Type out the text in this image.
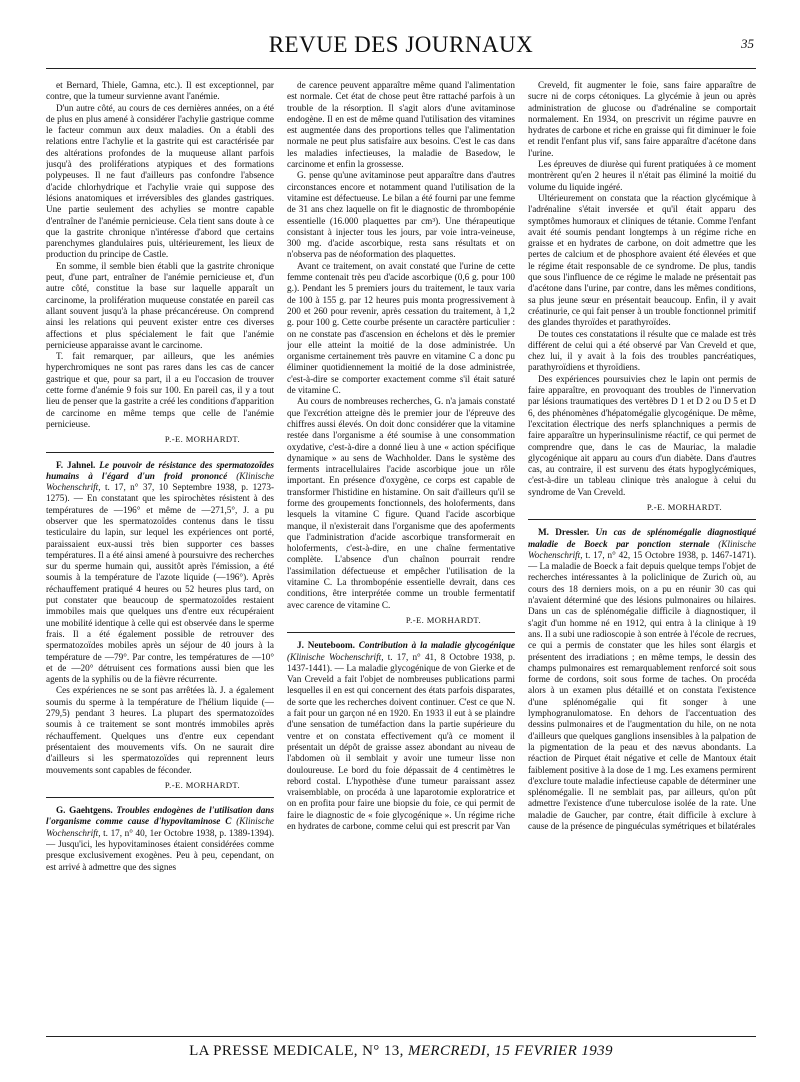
REVUE DES JOURNAUX	35

et Bernard, Thiele, Gamna, etc.). Il est exceptionnel, par contre, que la tumeur survienne avant l'anémie.

D'un autre côté, au cours de ces dernières années, on a été de plus en plus amené à considérer l'achylie gastrique comme le facteur commun aux deux maladies. On a établi des relations entre l'achylie et la gastrite qui est caractérisée par des altérations profondes de la muqueuse allant parfois jusqu'à des proliférations atypiques et des formations polypeuses. Il ne faut d'ailleurs pas confondre l'absence d'acide chlorhydrique et l'achylie vraie qui suppose des lésions anatomiques et irréversibles des glandes gastriques. Une partie seulement des achylies se montre capable d'entraîner de l'anémie pernicieuse. Cela tient sans doute à ce que la gastrite chronique n'intéresse d'abord que certains parenchymes glandulaires puis, ultérieurement, les lieux de production du principe de Castle.

En somme, il semble bien établi que la gastrite chronique peut, d'une part, entraîner de l'anémie pernicieuse et, d'un autre côté, constitue la base sur laquelle apparaît un carcinome, la prolifération muqueuse constatée en pareil cas allant souvent jusqu'à la phase précancéreuse. On comprend ainsi les relations qui peuvent exister entre ces diverses affections et plus spécialement le fait que l'anémie pernicieuse apparaisse avant le carcinome.

T. fait remarquer, par ailleurs, que les anémies hyperchromiques ne sont pas rares dans les cas de cancer gastrique et que, pour sa part, il a eu l'occasion de trouver cette forme d'anémie 9 fois sur 100. En pareil cas, il y a tout lieu de penser que la gastrite a créé les conditions d'apparition de carcinome en même temps que celle de l'anémie pernicieuse.

P.-E. MORHARDT.

F. Jahnel. Le pouvoir de résistance des spermatozoïdes humains à l'égard d'un froid prononcé (Klinische Wochenschrift, t. 17, n° 37, 10 Septembre 1938, p. 1273-1275). — En constatant que les spirochètes résistent à des températures de —196° et même de —271,5°, J. a pu observer que les spermatozoïdes contenus dans le tissu testiculaire du lapin, sur lequel les expériences ont porté, paraissaient eux-aussi très bien supporter ces basses températures. Il a été ainsi amené à poursuivre des recherches sur du sperme humain qui, aussitôt après l'émission, a été soumis à la température de l'azote liquide (—196°). Après réchauffement pratiqué 4 heures ou 52 heures plus tard, on put constater que beaucoup de spermatozoïdes restaient immobiles mais que quelques uns d'entre eux récupéraient une mobilité identique à celle qui est observée dans le sperme frais. Il a été également possible de retrouver des spermatozoïdes mobiles après un séjour de 40 jours à la température de —79°. Par contre, les températures de —10° et de —20° détruisent ces formations aussi bien que les agents de la syphilis ou de la fièvre récurrente.

Ces expériences ne se sont pas arrêtées là. J. a également soumis du sperme à la température de l'hélium liquide (—279,5) pendant 3 heures. La plupart des spermatozoïdes soumis à ce traitement se sont montrés immobiles après réchauffement. Quelques uns d'entre eux cependant présentaient des mouvements vifs. On ne saurait dire d'ailleurs si les spermatozoïdes qui reprennent leurs mouvements sont capables de féconder.

P.-E. MORHARDT.

G. Gaehtgens. Troubles endogènes de l'utilisation dans l'organisme comme cause d'hypovitaminose C (Klinische Wochenschrift, t. 17, n° 40, 1er Octobre 1938, p. 1389-1394). — Jusqu'ici, les hypovitaminoses étaient considérées comme presque exclusivement exogènes. Peu à peu, cependant, on est arrivé à admettre que des signes

de carence peuvent apparaître même quand l'alimentation est normale. Cet état de chose peut être rattaché parfois à un trouble de la résorption. Il s'agit alors d'une avitaminose endogène. Il en est de même quand l'utilisation des vitamines est augmentée dans des proportions telles que l'alimentation normale ne peut plus satisfaire aux besoins. C'est le cas dans les maladies infectieuses, la maladie de Basedow, le carcinome et enfin la grossesse.

G. pense qu'une avitaminose peut apparaître dans d'autres circonstances encore et notamment quand l'utilisation de la vitamine est défectueuse. Le bilan a été fourni par une femme de 31 ans chez laquelle on fit le diagnostic de thrombopénie essentielle (16.000 plaquettes par cm³). Une thérapeutique consistant à injecter tous les jours, par voie intra-veineuse, 300 mg. d'acide ascorbique, resta sans résultats et on n'observa pas de néoformation des plaquettes.

Avant ce traitement, on avait constaté que l'urine de cette femme contenait très peu d'acide ascorbique (0,6 g. pour 100 g.). Pendant les 5 premiers jours du traitement, le taux varia de 100 à 155 g. par 12 heures puis monta progressivement à 200 et 260 pour revenir, après cessation du traitement, à 1,2 g. pour 100 g. Cette courbe présente un caractère particulier : on ne constate pas d'ascension en échelons et dès le premier jour elle atteint la moitié de la dose administrée. Un organisme certainement très pauvre en vitamine C a donc pu éliminer quotidiennement la moitié de la dose administrée, c'est-à-dire se comporter exactement comme s'il était saturé de vitamine C.

Au cours de nombreuses recherches, G. n'a jamais constaté que l'excrétion atteigne dès le premier jour de l'épreuve des chiffres aussi élevés. On doit donc considérer que la vitamine restée dans l'organisme a été soumise à une consommation oxydative, c'est-à-dire a donné lieu à une « action spécifique dynamique » au sens de Wachholder. Dans le système des ferments intracellulaires l'acide ascorbique joue un rôle important. En présence d'oxygène, ce corps est capable de transformer l'histidine en histamine. On sait d'ailleurs qu'il se forme des groupements fonctionnels, des holoferments, dans lesquels la vitamine C figure. Quand l'acide ascorbique manque, il n'existerait dans l'organisme que des apoferments que l'administration d'acide ascorbique transformerait en holoferments, c'est-à-dire, en une chaîne fermentative complète. L'absence d'un chaînon pourrait rendre l'assimilation défectueuse et empêcher l'utilisation de la vitamine C. La thrombopénie essentielle devrait, dans ces conditions, être interprétée comme un trouble fermentatif avec carence de vitamine C.

P.-E. MORHARDT.

J. Neuteboom. Contribution à la maladie glycogénique (Klinische Wochenschrift, t. 17, n° 41, 8 Octobre 1938, p. 1437-1441). — La maladie glycogénique de von Gierke et de Van Creveld a fait l'objet de nombreuses publications parmi lesquelles il en est qui concernent des états parfois disparates, de sorte que les recherches doivent continuer. C'est ce que N. a fait pour un garçon né en 1920. En 1933 il eut à se plaindre d'une sensation de tuméfaction dans la partie supérieure du ventre et on constata effectivement qu'à ce moment il présentait un dépôt de graisse assez abondant au niveau de l'abdomen où il semblait y avoir une tumeur lisse non douloureuse. Le bord du foie dépassait de 4 centimètres le rebord costal. L'hypothèse d'une tumeur paraissant assez vraisemblable, on procéda à une laparotomie exploratrice et on en profita pour faire une biopsie du foie, ce qui permit de faire le diagnostic de « foie glycogénique ». Un régime riche en hydrates de carbone, comme celui qui est prescrit par Van

Creveld, fit augmenter le foie, sans faire apparaître de sucre ni de corps cétoniques. La glycémie à jeun ou après administration de glucose ou d'adrénaline se comportait normalement. En 1934, on prescrivit un régime pauvre en hydrates de carbone et riche en graisse qui fit diminuer le foie et rendit l'enfant plus vif, sans faire apparaître d'acétone dans l'urine.

Les épreuves de diurèse qui furent pratiquées à ce moment montrèrent qu'en 2 heures il n'était pas éliminé la moitié du volume du liquide ingéré.

Ultérieurement on constata que la réaction glycémique à l'adrénaline s'était inversée et qu'il était apparu des symptômes humoraux et cliniques de tétanie. Comme l'enfant avait été soumis pendant longtemps à un régime riche en graisse et en hydrates de carbone, on doit admettre que les pertes de calcium et de phosphore avaient été élevées et que le régime était responsable de ce syndrome. De plus, tandis que sous l'influence de ce régime le malade ne présentait pas d'acétone dans l'urine, par contre, dans les mêmes conditions, sa plus jeune sœur en présentait beaucoup. Enfin, il y avait créatinurie, ce qui fait penser à un trouble fonctionnel primitif des glandes thyroïdes et parathyroïdes.

De toutes ces constatations il résulte que ce malade est très différent de celui qui a été observé par Van Creveld et que, chez lui, il y avait à la fois des troubles pancréatiques, parathyroïdiens et thyroïdiens.

Des expériences poursuivies chez le lapin ont permis de faire apparaître, en provoquant des troubles de l'innervation par lésions traumatiques des vertèbres D 1 et D 2 ou D 5 et D 6, des phénomènes d'hépatomégalie glycogénique. De même, l'excitation électrique des nerfs splanchniques a permis de faire apparaître un hyperinsulinisme réactif, ce qui permet de comprendre que, dans le cas de Mauriac, la maladie glycogénique ait apparu au cours d'un diabète. Dans d'autres cas, au contraire, il est survenu des états hypoglycémiques, c'est-à-dire un tableau clinique très analogue à celui du syndrome de Van Creveld.

P.-E. MORHARDT.

M. Dressler. Un cas de splénomégalie diagnostiqué maladie de Boeck par ponction sternale (Klinische Wochenschrift, t. 17, n° 42, 15 Octobre 1938, p. 1467-1471). — La maladie de Boeck a fait depuis quelque temps l'objet de recherches intéressantes à la policlinique de Zurich où, au cours des 18 derniers mois, on a pu en réunir 30 cas qui n'avaient déterminé que des lésions pulmonaires ou hilaires. Dans un cas de splénomégalie difficile à diagnostiquer, il s'agit d'un homme né en 1912, qui entra à la clinique à 19 ans. Il a subi une radioscopie à son entrée à l'école de recrues, ce qui a permis de constater que les hiles sont élargis et présentent des irradiations ; en même temps, le dessin des champs pulmonaires est remarquablement renforcé soit sous forme de cordons, soit sous forme de taches. On procéda alors à un examen plus détaillé et on constata l'existence d'une splénomégalie qui fit songer à une lymphogranulomatose. En dehors de l'accentuation des dessins pulmonaires et de l'augmentation du hile, on ne nota d'ailleurs que quelques ganglions insensibles à la palpation de la pigmentation de la peau et des nævus abondants. La réaction de Pirquet était négative et celle de Mantoux était faiblement positive à la dose de 1 mg. Les examens permirent d'exclure toute maladie infectieuse capable de déterminer une splénomégalie. Il ne semblait pas, par ailleurs, qu'on pût admettre l'existence d'une tuberculose isolée de la rate. Une maladie de Gaucher, par contre, était difficile à exclure à cause de la présence de pinguéculas symétriques et bilatérales

LA PRESSE MEDICALE, N° 13, MERCREDI, 15 FEVRIER 1939
